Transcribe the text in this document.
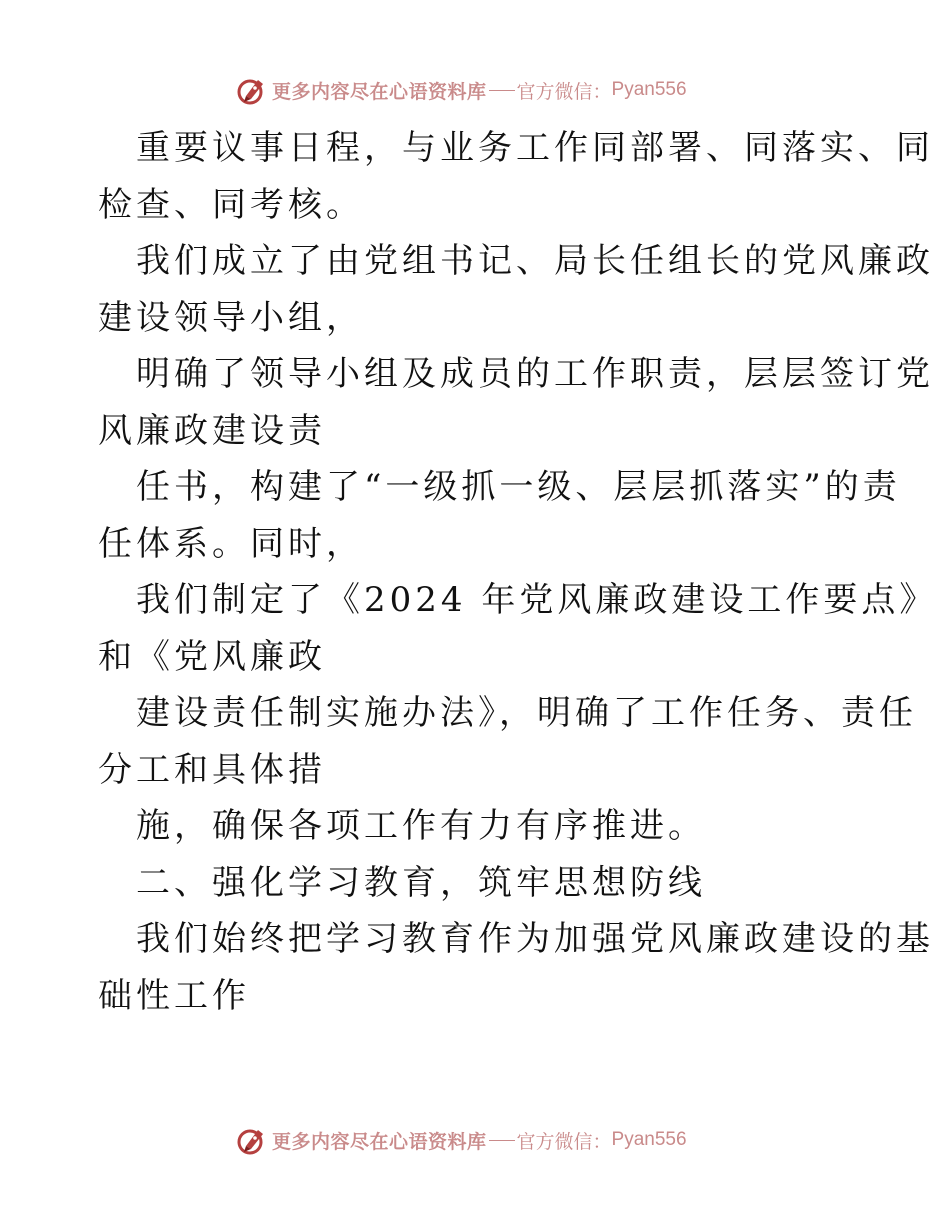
更多内容尽在心语资料库 官方微信： Pyan556
重要议事日程，与业务工作同部署、同落实、同
检查、同考核。
我们成立了由党组书记、局长任组长的党风廉政
建设领导小组，
明确了领导小组及成员的工作职责，层层签订党
风廉政建设责
任书，构建了“一级抓一级、层层抓落实”的责
任体系。同时，
我们制定了《2024 年党风廉政建设工作要点》
和《党风廉政
建设责任制实施办法》，明确了工作任务、责任
分工和具体措
施，确保各项工作有力有序推进。
二、强化学习教育，筑牢思想防线
我们始终把学习教育作为加强党风廉政建设的基
础性工作
更多内容尽在心语资料库 官方微信： Pyan556
